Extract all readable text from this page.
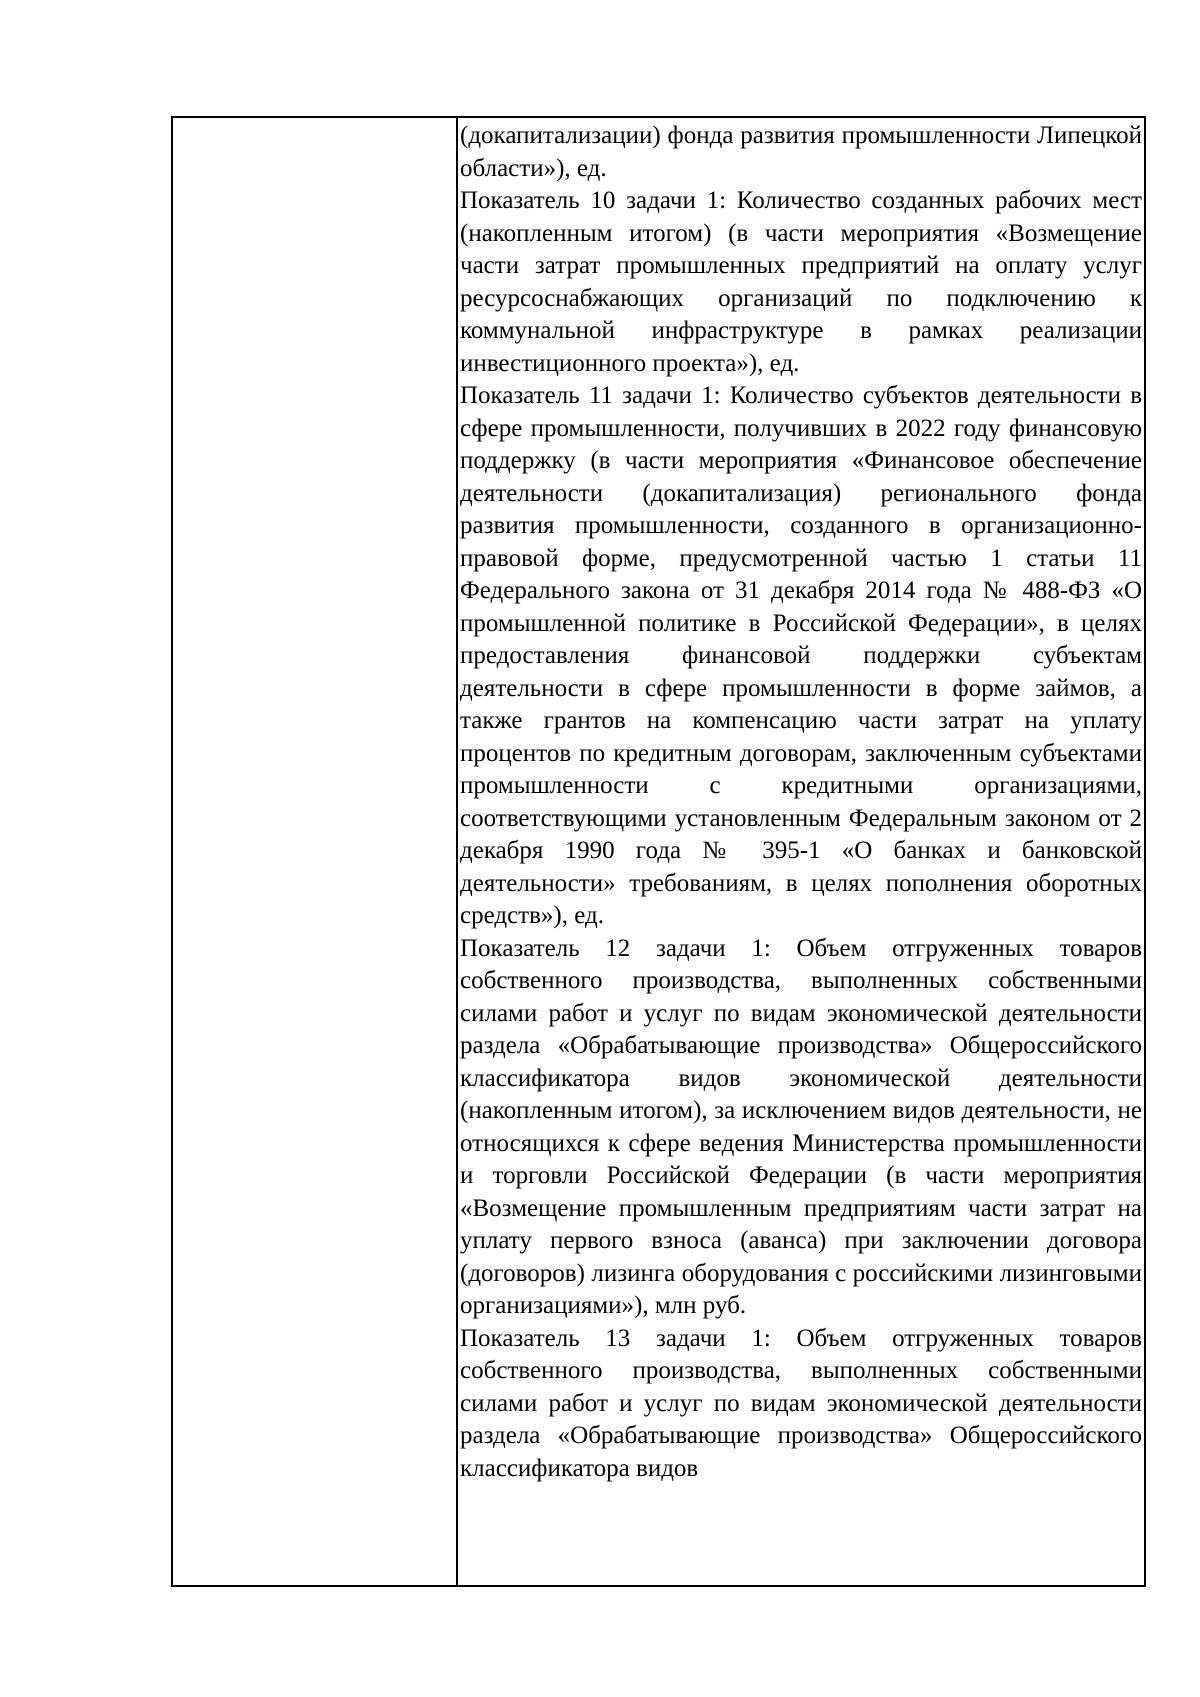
(докапитализации) фонда развития промышленности Липецкой области»), ед.

Показатель 10 задачи 1: Количество созданных рабочих мест (накопленным итогом) (в части мероприятия «Возмещение части затрат промышленных предприятий на оплату услуг ресурсоснабжающих организаций по подключению к коммунальной инфраструктуре в рамках реализации инвестиционного проекта»), ед.

Показатель 11 задачи 1: Количество субъектов деятельности в сфере промышленности, получивших в 2022 году финансовую поддержку (в части мероприятия «Финансовое обеспечение деятельности (докапитализация) регионального фонда развития промышленности, созданного в организационно-правовой форме, предусмотренной частью 1 статьи 11 Федерального закона от 31 декабря 2014 года № 488-ФЗ «О промышленной политике в Российской Федерации», в целях предоставления финансовой поддержки субъектам деятельности в сфере промышленности в форме займов, а также грантов на компенсацию части затрат на уплату процентов по кредитным договорам, заключенным субъектами промышленности с кредитными организациями, соответствующими установленным Федеральным законом от 2 декабря 1990 года № 395-1 «О банках и банковской деятельности» требованиям, в целях пополнения оборотных средств»), ед.

Показатель 12 задачи 1: Объем отгруженных товаров собственного производства, выполненных собственными силами работ и услуг по видам экономической деятельности раздела «Обрабатывающие производства» Общероссийского классификатора видов экономической деятельности (накопленным итогом), за исключением видов деятельности, не относящихся к сфере ведения Министерства промышленности и торговли Российской Федерации (в части мероприятия «Возмещение промышленным предприятиям части затрат на уплату первого взноса (аванса) при заключении договора (договоров) лизинга оборудования с российскими лизинговыми организациями»), млн руб.

Показатель 13 задачи 1: Объем отгруженных товаров собственного производства, выполненных собственными силами работ и услуг по видам экономической деятельности раздела «Обрабатывающие производства» Общероссийского классификатора видов
